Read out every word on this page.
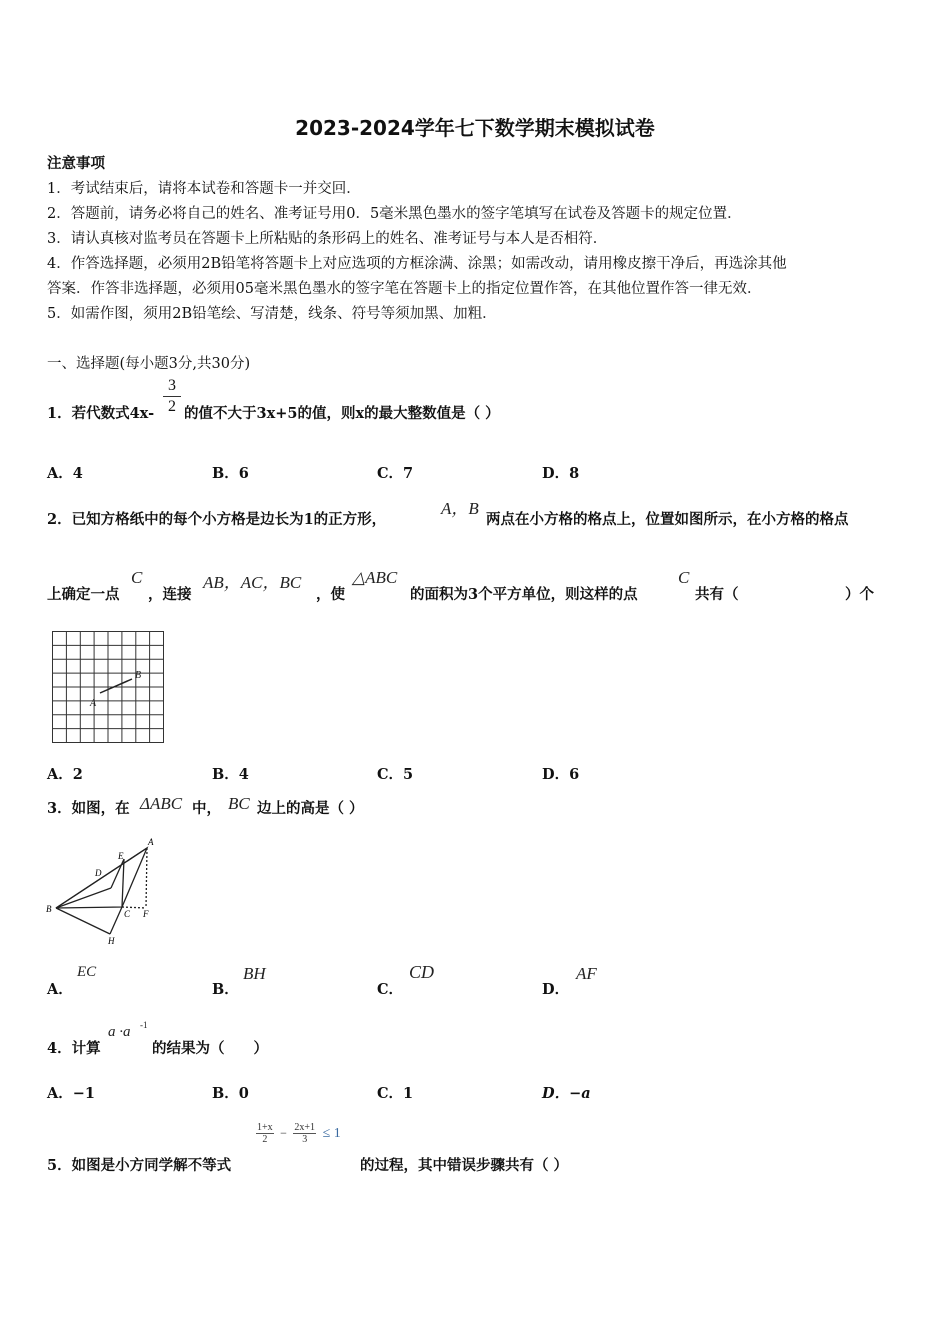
2023-2024学年七下数学期末模拟试卷
注意事项
1．考试结束后，请将本试卷和答题卡一并交回．
2．答题前，请务必将自己的姓名、准考证号用0．5毫米黑色墨水的签字笔填写在试卷及答题卡的规定位置．
3．请认真核对监考员在答题卡上所粘贴的条形码上的姓名、准考证号与本人是否相符．
4．作答选择题，必须用2B铅笔将答题卡上对应选项的方框涂满、涂黑；如需改动，请用橡皮擦干净后，再选涂其他
答案．作答非选择题，必须用05毫米黑色墨水的签字笔在答题卡上的指定位置作答，在其他位置作答一律无效．
5．如需作图，须用2B铅笔绘、写清楚，线条、符号等须加黑、加粗．
一、选择题(每小题3分,共30分)
1．若代数式4x-
3
2 的值不大于3x+5的值，则x的最大整数值是（ ）
A．4	B．6	C．7	D．8
2．已知方格纸中的每个小方格是边长为1的正方形，
A，B
两点在小方格的格点上，位置如图所示，在小方格的格点
上确定一点
C
，连接
AB，AC，BC
，使
△ABC
的面积为3个平方单位，则这样的点
C
共有（	）个
A
B
A．2	B．4	C．5	D．6
3．如图，在 ΔABC 中， BC 边上的高是（ ）
A
B	C
D
E
F
H
A．
EC
B．
BH
C．
CD
D．
AF
4．计算
a ·a -1
的结果为（　　）
A．−1	B．0	C．1	D．−a
$\frac{1+x}{2} - \frac{2x+1}{3} \le 1$
5．如图是小方同学解不等式	的过程，其中错误步骤共有（ ）
